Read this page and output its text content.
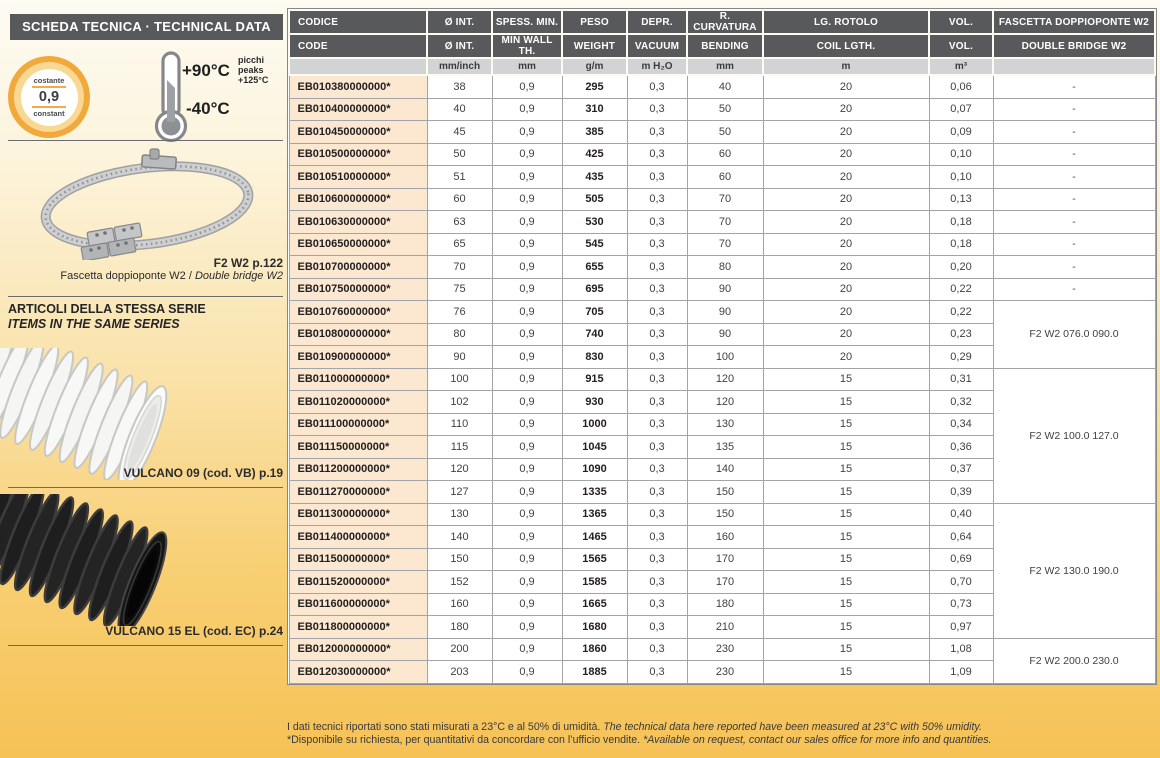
SCHEDA TECNICA · TECHNICAL DATA
costante
0,9
constant
+90°C
picchi
peaks
+125°C
-40°C
F2 W2 p.122
Fascetta doppioponte W2 / Double bridge W2
ARTICOLI DELLA STESSA SERIE
ITEMS IN THE SAME SERIES
VULCANO 09 (cod. VB) p.19
VULCANO 15 EL (cod. EC) p.24
CODICE	Ø INT.	SPESS. MIN.	PESO	DEPR.	R. CURVATURA	LG. ROTOLO	VOL.	FASCETTA DOPPIOPONTE W2
CODE	Ø INT.	MIN WALL TH.	WEIGHT	VACUUM	BENDING	COIL LGTH.	VOL.	DOUBLE BRIDGE W2
	mm/inch	mm	g/m	m H₂O	mm	m	m³	
EB010380000000*	38	0,9	295	0,3	40	20	0,06	-
EB010400000000*	40	0,9	310	0,3	50	20	0,07	-
EB010450000000*	45	0,9	385	0,3	50	20	0,09	-
EB010500000000*	50	0,9	425	0,3	60	20	0,10	-
EB010510000000*	51	0,9	435	0,3	60	20	0,10	-
EB010600000000*	60	0,9	505	0,3	70	20	0,13	-
EB010630000000*	63	0,9	530	0,3	70	20	0,18	-
EB010650000000*	65	0,9	545	0,3	70	20	0,18	-
EB010700000000*	70	0,9	655	0,3	80	20	0,20	-
EB010750000000*	75	0,9	695	0,3	90	20	0,22	-
EB010760000000*	76	0,9	705	0,3	90	20	0,22	F2 W2 076.0 090.0
EB010800000000*	80	0,9	740	0,3	90	20	0,23	
EB010900000000*	90	0,9	830	0,3	100	20	0,29	
EB011000000000*	100	0,9	915	0,3	120	15	0,31	F2 W2 100.0 127.0
EB011020000000*	102	0,9	930	0,3	120	15	0,32	
EB011100000000*	110	0,9	1000	0,3	130	15	0,34	
EB011150000000*	115	0,9	1045	0,3	135	15	0,36	
EB011200000000*	120	0,9	1090	0,3	140	15	0,37	
EB011270000000*	127	0,9	1335	0,3	150	15	0,39	
EB011300000000*	130	0,9	1365	0,3	150	15	0,40	F2 W2 130.0 190.0
EB011400000000*	140	0,9	1465	0,3	160	15	0,64	
EB011500000000*	150	0,9	1565	0,3	170	15	0,69	
EB011520000000*	152	0,9	1585	0,3	170	15	0,70	
EB011600000000*	160	0,9	1665	0,3	180	15	0,73	
EB011800000000*	180	0,9	1680	0,3	210	15	0,97	
EB012000000000*	200	0,9	1860	0,3	230	15	1,08	F2 W2 200.0 230.0
EB012030000000*	203	0,9	1885	0,3	230	15	1,09	
I dati tecnici riportati sono stati misurati a 23°C e al 50% di umidità. The technical data here reported have been measured at 23°C with 50% umidity.
*Disponibile su richiesta, per quantitativi da concordare con l’ufficio vendite. *Available on request, contact our sales office for more info and quantities.
